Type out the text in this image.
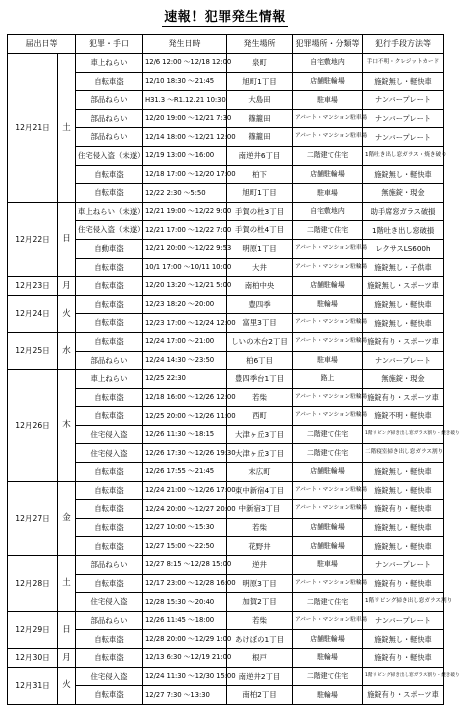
速報！犯罪発生情報
届出日等		犯罪・手口	発生日時	発生場所	犯罪場所・分類等	犯行手段方法等
12月21日	土	車上ねらい	12/6 12:00 ～12/18 12:00	泉町	自宅敷地内	手口不明・クレジットカード
		自転車盗	12/10 18:30 ～21:45	旭町1丁目	店舗駐輪場	施錠無し・軽快車
		部品ねらい	H31.3 ～R1.12.21 10:30	大島田	駐車場	ナンバープレート
		部品ねらい	12/20 19:00 ～12/21 7:30	篠籠田	アパート・マンション駐車場	ナンバープレート
		部品ねらい	12/14 18:00 ～12/21 12:00	篠籠田	アパート・マンション駐車場	ナンバープレート
		住宅侵入盗（未遂）	12/19 13:00 ～16:00	南逆井6丁目	二階建て住宅	1階吐き出し窓ガラス・焼き破り
		自転車盗	12/18 17:00 ～12/20 17:00	柏下	店舗駐輪場	施錠無し・軽快車
		自転車盗	12/22 2:30 ～5:50	旭町1丁目	駐車場	無施錠・現金
12月22日	日	車上ねらい（未遂）	12/21 19:00 ～12/22 9:00	手賀の杜3丁目	自宅敷地内	助手席窓ガラス破損
		住宅侵入盗（未遂）	12/21 17:00 ～12/22 7:00	手賀の杜4丁目	二階建て住宅	1階吐き出し窓破損
		自動車盗	12/21 20:00 ～12/22 9:53	明原1丁目	アパート・マンション駐車場	レクサスLS600h
		自転車盗	10/1 17:00 ～10/11 10:00	大井	アパート・マンション駐輪場	施錠無し・子供車
12月23日	月	自転車盗	12/20 13:20 ～12/21 5:00	南柏中央	店舗駐輪場	施錠無し・スポーツ車
12月24日	火	自転車盗	12/23 18:20 ～20:00	豊四季	駐輪場	施錠無し・軽快車
		自転車盗	12/23 17:00 ～12/24 12:00	富里3丁目	アパート・マンション駐輪場	施錠無し・軽快車
12月25日	水	自転車盗	12/24 17:00 ～21:00	しいの木台2丁目	アパート・マンション駐輪場	施錠有り・スポーツ車
		部品ねらい	12/24 14:30 ～23:50	柏6丁目	駐車場	ナンバープレート
12月26日	木	車上ねらい	12/25 22:30	豊四季台1丁目	路上	無施錠・現金
		自転車盗	12/18 16:00 ～12/26 12:00	若柴	アパート・マンション駐輪場	施錠有り・スポーツ車
		自転車盗	12/25 20:00 ～12/26 11:00	西町	アパート・マンション駐輪場	施錠不明・軽快車
		住宅侵入盗	12/26 11:30 ～18:15	大津ヶ丘3丁目	二階建て住宅	1階リビング掃き出し窓ガラス割り・焼き破り
		住宅侵入盗	12/26 17:30 ～12/26 19:30	大津ヶ丘3丁目	二階建て住宅	二階寝室掃き出し窓ガラス割り
		自転車盗	12/26 17:55 ～21:45	末広町	店舗駐輪場	施錠無し・軽快車
12月27日	金	自転車盗	12/24 21:00 ～12/26 17:00	東中新宿4丁目	アパート・マンション駐輪場	施錠無し・軽快車
		自転車盗	12/24 20:00 ～12/27 20:00	中新宿3丁目	アパート・マンション駐輪場	施錠有り・軽快車
		自転車盗	12/27 10:00 ～15:30	若柴	店舗駐輪場	施錠無し・軽快車
		自転車盗	12/27 15:00 ～22:50	花野井	店舗駐輪場	施錠無し・軽快車
12月28日	土	部品ねらい	12/27 8:15 ～12/28 15:00	逆井	駐車場	ナンバープレート
		自転車盗	12/17 23:00 ～12/28 16:00	明原3丁目	アパート・マンション駐輪場	施錠有り・軽快車
		住宅侵入盗	12/28 15:30 ～20:40	加賀2丁目	二階建て住宅	1階リビング掃き出し窓ガラス割り
12月29日	日	部品ねらい	12/26 11:45 ～18:00	若柴	アパート・マンション駐車場	ナンバープレート
		自転車盗	12/28 20:00 ～12/29 1:00	あけぼの1丁目	店舗駐輪場	施錠無し・軽快車
12月30日	月	自転車盗	12/13 6:30 ～12/19 21:00	根戸	駐輪場	施錠有り・軽快車
12月31日	火	住宅侵入盗	12/24 11:30 ～12/30 15:00	南逆井2丁目	二階建て住宅	1階リビング掃き出し窓ガラス割り・焼き破り
		自転車盗	12/27 7:30 ～13:30	南柏2丁目	駐輪場	施錠有り・スポーツ車
